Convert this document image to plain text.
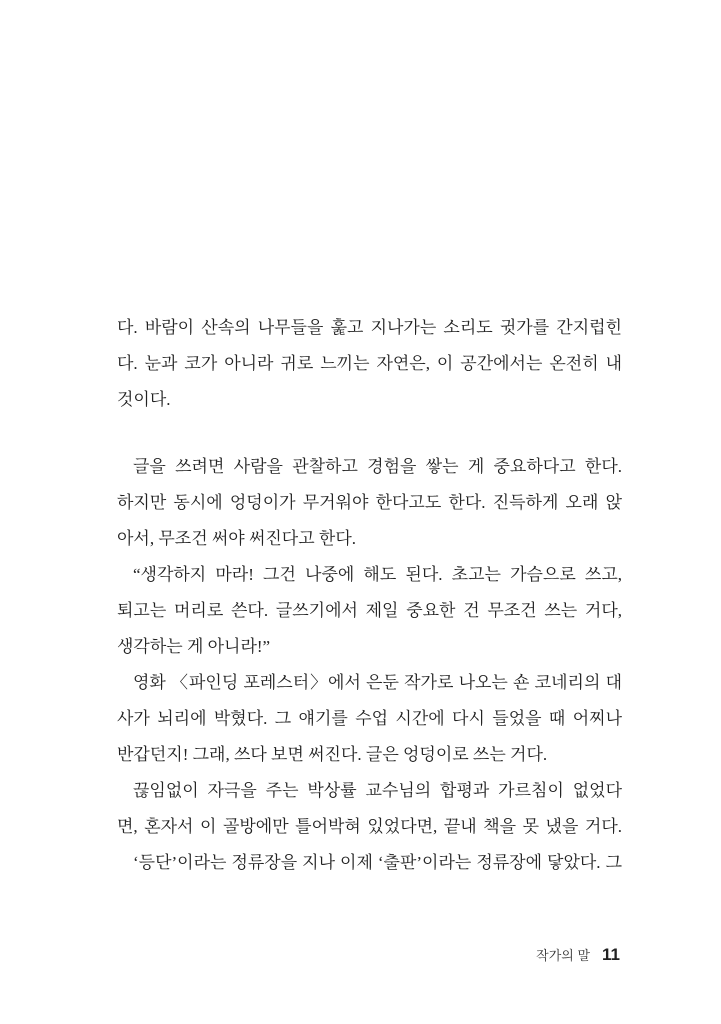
다. 바람이 산속의 나무들을 훑고 지나가는 소리도 귓가를 간지럽힌
다. 눈과 코가 아니라 귀로 느끼는 자연은, 이 공간에서는 온전히 내
것이다.
글을 쓰려면 사람을 관찰하고 경험을 쌓는 게 중요하다고 한다.
하지만 동시에 엉덩이가 무거워야 한다고도 한다. 진득하게 오래 앉
아서, 무조건 써야 써진다고 한다.
“생각하지 마라! 그건 나중에 해도 된다. 초고는 가슴으로 쓰고,
퇴고는 머리로 쓴다. 글쓰기에서 제일 중요한 건 무조건 쓰는 거다,
생각하는 게 아니라!”
영화 〈파인딩 포레스터〉에서 은둔 작가로 나오는 숀 코네리의 대
사가 뇌리에 박혔다. 그 얘기를 수업 시간에 다시 들었을 때 어찌나
반갑던지! 그래, 쓰다 보면 써진다. 글은 엉덩이로 쓰는 거다.
끊임없이 자극을 주는 박상률 교수님의 합평과 가르침이 없었다
면, 혼자서 이 골방에만 틀어박혀 있었다면, 끝내 책을 못 냈을 거다.
‘등단’이라는 정류장을 지나 이제 ‘출판’이라는 정류장에 닿았다. 그
작가의 말 11
